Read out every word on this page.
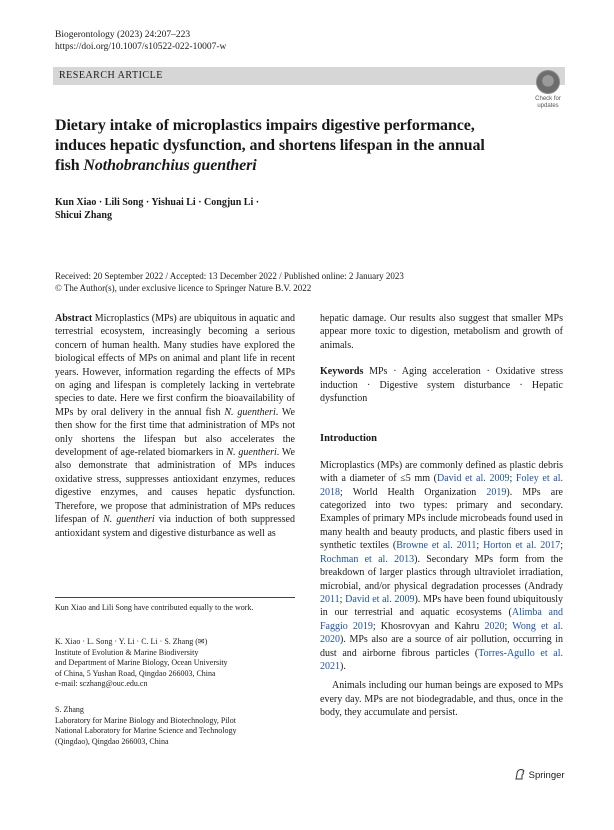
Biogerontology (2023) 24:207–223
https://doi.org/10.1007/s10522-022-10007-w
RESEARCH ARTICLE
Check for updates
Dietary intake of microplastics impairs digestive performance, induces hepatic dysfunction, and shortens lifespan in the annual fish Nothobranchius guentheri
Kun Xiao · Lili Song · Yishuai Li · Congjun Li ·
Shicui Zhang
Received: 20 September 2022 / Accepted: 13 December 2022 / Published online: 2 January 2023
© The Author(s), under exclusive licence to Springer Nature B.V. 2022
Abstract Microplastics (MPs) are ubiquitous in aquatic and terrestrial ecosystem, increasingly becoming a serious concern of human health. Many studies have explored the biological effects of MPs on animal and plant life in recent years. However, information regarding the effects of MPs on aging and lifespan is completely lacking in vertebrate species to date. Here we first confirm the bioavailability of MPs by oral delivery in the annual fish N. guentheri. We then show for the first time that administration of MPs not only shortens the lifespan but also accelerates the development of age-related biomarkers in N. guentheri. We also demonstrate that administration of MPs induces oxidative stress, suppresses antioxidant enzymes, reduces digestive enzymes, and causes hepatic dysfunction. Therefore, we propose that administration of MPs reduces lifespan of N. guentheri via induction of both suppressed antioxidant system and digestive disturbance as well as
Kun Xiao and Lili Song have contributed equally to the work.
K. Xiao · L. Song · Y. Li · C. Li · S. Zhang (✉)
Institute of Evolution & Marine Biodiversity
and Department of Marine Biology, Ocean University
of China, 5 Yushan Road, Qingdao 266003, China
e-mail: sczhang@ouc.edu.cn
S. Zhang
Laboratory for Marine Biology and Biotechnology, Pilot
National Laboratory for Marine Science and Technology
(Qingdao), Qingdao 266003, China
hepatic damage. Our results also suggest that smaller MPs appear more toxic to digestion, metabolism and growth of animals.
Keywords MPs · Aging acceleration · Oxidative stress induction · Digestive system disturbance · Hepatic dysfunction
Introduction
Microplastics (MPs) are commonly defined as plastic debris with a diameter of ≤5 mm (David et al. 2009; Foley et al. 2018; World Health Organization 2019). MPs are categorized into two types: primary and secondary. Examples of primary MPs include microbeads found used in many health and beauty products, and plastic fibers used in synthetic textiles (Browne et al. 2011; Horton et al. 2017; Rochman et al. 2013). Secondary MPs form from the breakdown of larger plastics through ultraviolet irradiation, microbial, and/or physical degradation processes (Andrady 2011; David et al. 2009). MPs have been found ubiquitously in our terrestrial and aquatic ecosystems (Alimba and Faggio 2019; Khosrovyan and Kahru 2020; Wong et al. 2020). MPs also are a source of air pollution, occurring in dust and airborne fibrous particles (Torres-Agullo et al. 2021).
Animals including our human beings are exposed to MPs every day. MPs are not biodegradable, and thus, once in the body, they accumulate and persist.
Springer
